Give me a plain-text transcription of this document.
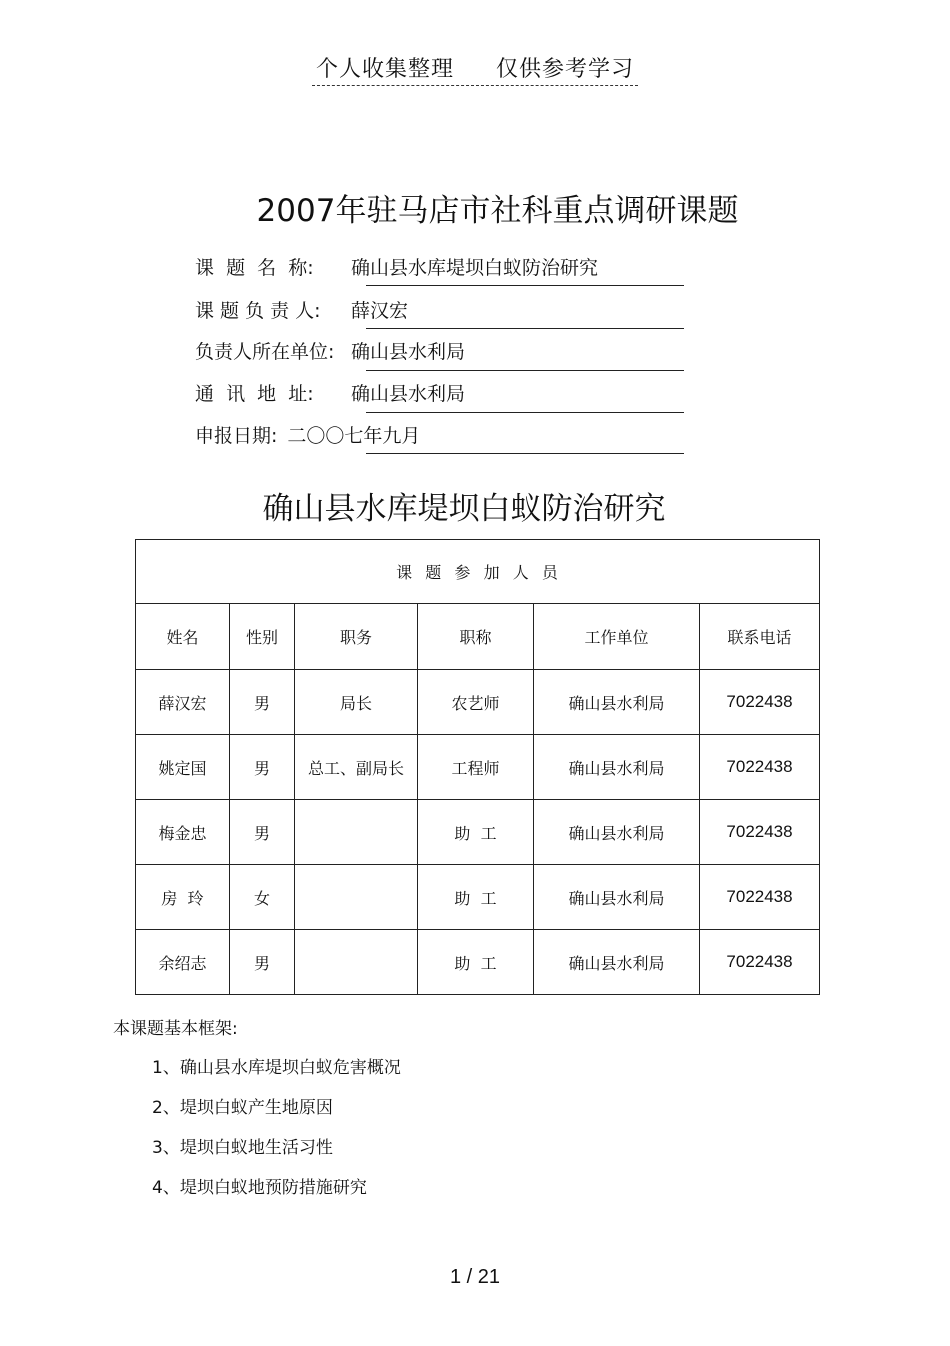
个人收集整理 仅供参考学习
2007年驻马店市社科重点调研课题
课  题  名  称: 确山县水库堤坝白蚁防治研究
课 题 负 责 人: 薛汉宏
负责人所在单位: 确山县水利局
通  讯  地  址: 确山县水利局
申报日期: 二〇〇七年九月
确山县水库堤坝白蚁防治研究
课  题  参  加  人  员					
姓名	性别	职务	职称	工作单位	联系电话
薛汉宏	男	局长	农艺师	确山县水利局	7022438
姚定国	男	总工、副局长	工程师	确山县水利局	7022438
梅金忠	男		助  工	确山县水利局	7022438
房  玲	女		助  工	确山县水利局	7022438
余绍志	男		助  工	确山县水利局	7022438
本课题基本框架:
1、确山县水库堤坝白蚁危害概况
2、堤坝白蚁产生地原因
3、堤坝白蚁地生活习性
4、堤坝白蚁地预防措施研究
1 / 21
